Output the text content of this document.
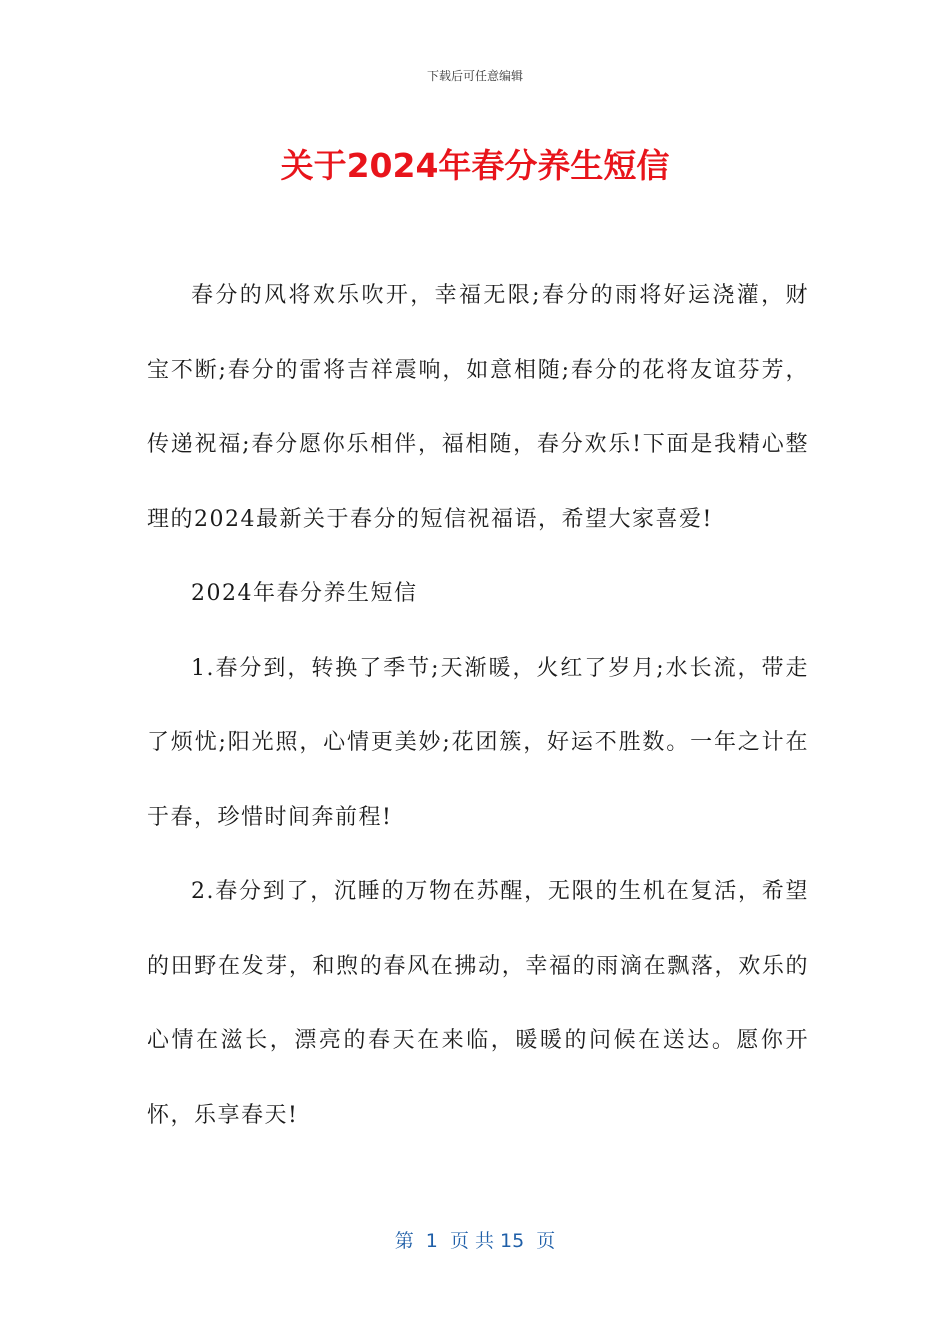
下载后可任意编辑
关于2024年春分养生短信

春分的风将欢乐吹开，幸福无限;春分的雨将好运浇灌，财宝不断;春分的雷将吉祥震响，如意相随;春分的花将友谊芬芳，传递祝福;春分愿你乐相伴，福相随，春分欢乐!下面是我精心整理的2024最新关于春分的短信祝福语，希望大家喜爱!

2024年春分养生短信

1.春分到，转换了季节;天渐暖，火红了岁月;水长流，带走了烦忧;阳光照，心情更美妙;花团簇，好运不胜数。一年之计在于春，珍惜时间奔前程!

2.春分到了，沉睡的万物在苏醒，无限的生机在复活，希望的田野在发芽，和煦的春风在拂动，幸福的雨滴在飘落，欢乐的心情在滋长，漂亮的春天在来临，暖暖的问候在送达。愿你开怀，乐享春天!

第  1  页 共 15  页
